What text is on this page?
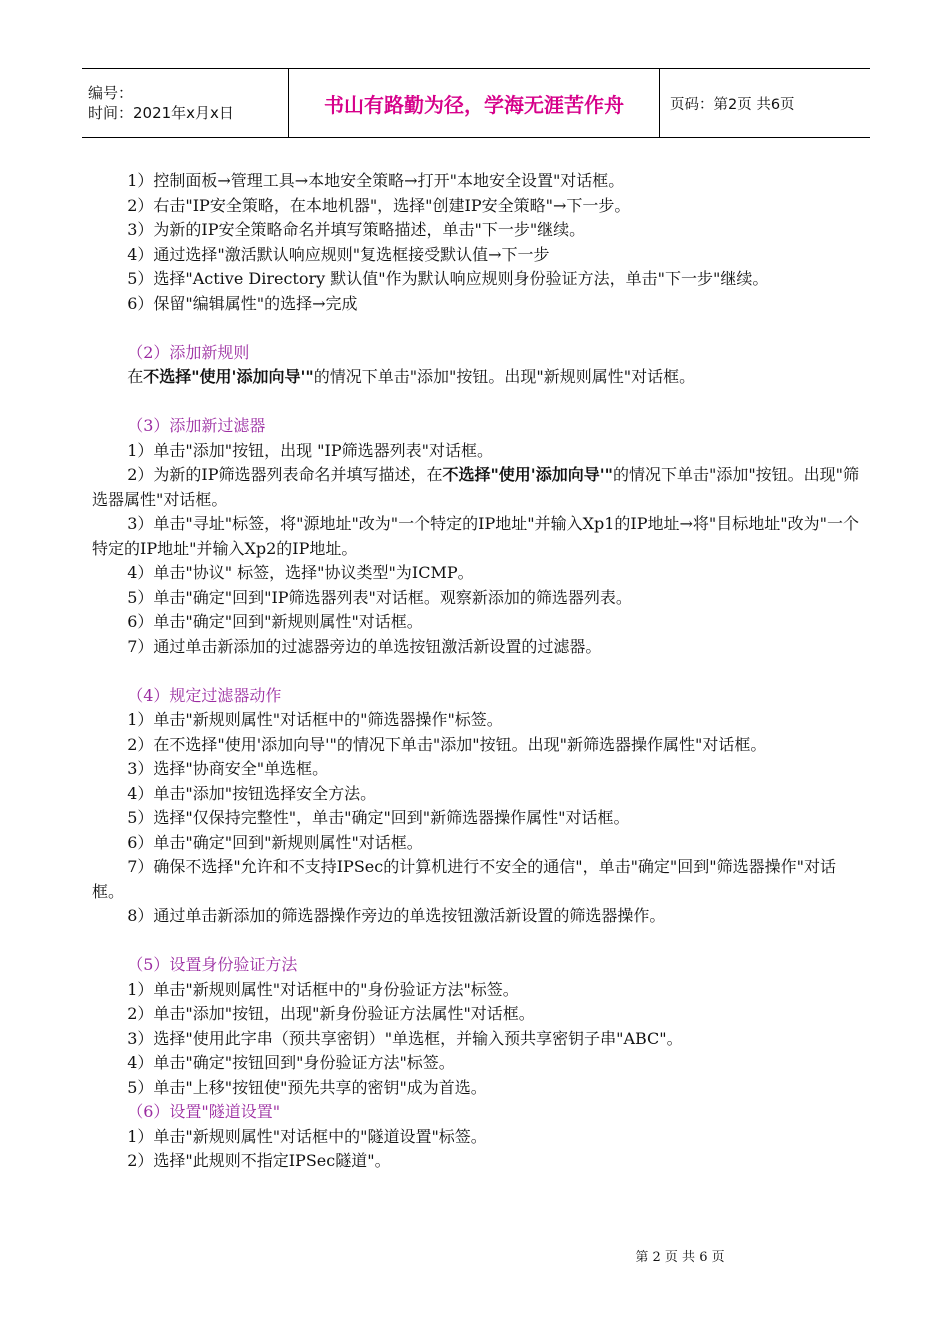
编号：
时间：2021年x月x日	书山有路勤为径，学海无涯苦作舟	页码：第2页 共6页

1）控制面板→管理工具→本地安全策略→打开"本地安全设置"对话框。

2）右击"IP安全策略，在本地机器"，选择"创建IP安全策略"→下一步。

3）为新的IP安全策略命名并填写策略描述，单击"下一步"继续。

4）通过选择"激活默认响应规则"复选框接受默认值→下一步

5）选择"Active Directory 默认值"作为默认响应规则身份验证方法，单击"下一步"继续。

6）保留"编辑属性"的选择→完成

（2）添加新规则

在不选择"使用'添加向导'"的情况下单击"添加"按钮。出现"新规则属性"对话框。

（3）添加新过滤器

1）单击"添加"按钮，出现 "IP筛选器列表"对话框。

2）为新的IP筛选器列表命名并填写描述，在不选择"使用'添加向导'"的情况下单击"添加"按钮。出现"筛选器属性"对话框。

3）单击"寻址"标签，将"源地址"改为"一个特定的IP地址"并输入Xp1的IP地址→将"目标地址"改为"一个特定的IP地址"并输入Xp2的IP地址。

4）单击"协议" 标签，选择"协议类型"为ICMP。

5）单击"确定"回到"IP筛选器列表"对话框。观察新添加的筛选器列表。

6）单击"确定"回到"新规则属性"对话框。

7）通过单击新添加的过滤器旁边的单选按钮激活新设置的过滤器。

（4）规定过滤器动作

1）单击"新规则属性"对话框中的"筛选器操作"标签。

2）在不选择"使用'添加向导'"的情况下单击"添加"按钮。出现"新筛选器操作属性"对话框。

3）选择"协商安全"单选框。

4）单击"添加"按钮选择安全方法。

5）选择"仅保持完整性"，单击"确定"回到"新筛选器操作属性"对话框。

6）单击"确定"回到"新规则属性"对话框。

7）确保不选择"允许和不支持IPSec的计算机进行不安全的通信"，单击"确定"回到"筛选器操作"对话框。

8）通过单击新添加的筛选器操作旁边的单选按钮激活新设置的筛选器操作。

（5）设置身份验证方法

1）单击"新规则属性"对话框中的"身份验证方法"标签。

2）单击"添加"按钮，出现"新身份验证方法属性"对话框。

3）选择"使用此字串（预共享密钥）"单选框，并输入预共享密钥子串"ABC"。

4）单击"确定"按钮回到"身份验证方法"标签。

5）单击"上移"按钮使"预先共享的密钥"成为首选。

（6）设置"隧道设置"

1）单击"新规则属性"对话框中的"隧道设置"标签。

2）选择"此规则不指定IPSec隧道"。

第 2 页 共 6 页
